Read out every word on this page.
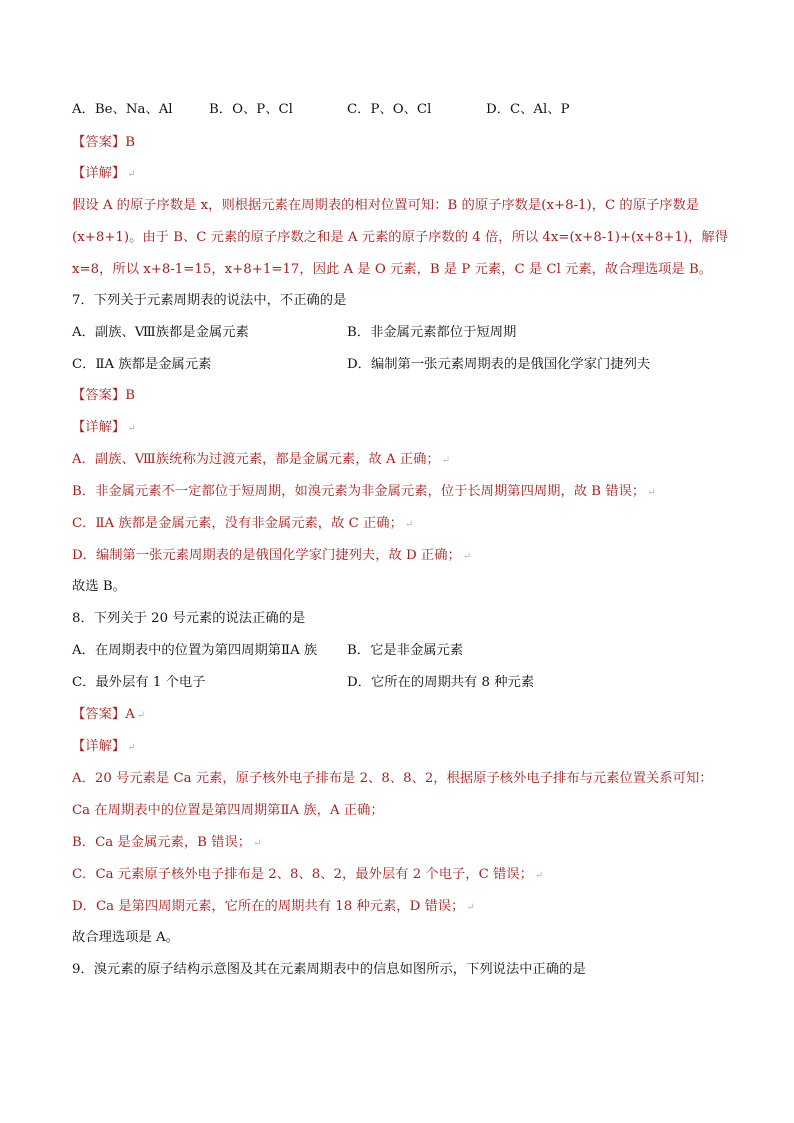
A．Be、Na、Al	B．O、P、Cl	C．P、O、Cl	D．C、Al、P
【答案】B
【详解】 ↵
假设 A 的原子序数是 x，则根据元素在周期表的相对位置可知：B 的原子序数是(x+8-1)，C 的原子序数是
(x+8+1)。由于 B、C 元素的原子序数之和是 A 元素的原子序数的 4 倍，所以 4x=(x+8-1)+(x+8+1)，解得
x=8，所以 x+8-1=15，x+8+1=17，因此 A 是 O 元素，B 是 P 元素，C 是 Cl 元素，故合理选项是 B。
7．下列关于元素周期表的说法中，不正确的是
A．副族、Ⅷ族都是金属元素	B．非金属元素都位于短周期
C．ⅡA 族都是金属元素	D．编制第一张元素周期表的是俄国化学家门捷列夫
【答案】B
【详解】 ↵
A．副族、Ⅷ族统称为过渡元素，都是金属元素，故 A 正确； ↵
B．非金属元素不一定都位于短周期，如溴元素为非金属元素，位于长周期第四周期，故 B 错误； ↵
C．ⅡA 族都是金属元素，没有非金属元素，故 C 正确； ↵
D．编制第一张元素周期表的是俄国化学家门捷列夫，故 D 正确； ↵
故选 B。
8．下列关于 20 号元素的说法正确的是
A．在周期表中的位置为第四周期第ⅡA 族 B．它是非金属元素
C．最外层有 1 个电子	D．它所在的周期共有 8 种元素
【答案】A ↵
【详解】 ↵
A．20 号元素是 Ca 元素，原子核外电子排布是 2、8、8、2，根据原子核外电子排布与元素位置关系可知：
Ca 在周期表中的位置是第四周期第ⅡA 族，A 正确；
B．Ca 是金属元素，B 错误； ↵
C．Ca 元素原子核外电子排布是 2、8、8、2，最外层有 2 个电子，C 错误； ↵
D．Ca 是第四周期元素，它所在的周期共有 18 种元素，D 错误； ↵
故合理选项是 A。
9．溴元素的原子结构示意图及其在元素周期表中的信息如图所示，下列说法中正确的是
